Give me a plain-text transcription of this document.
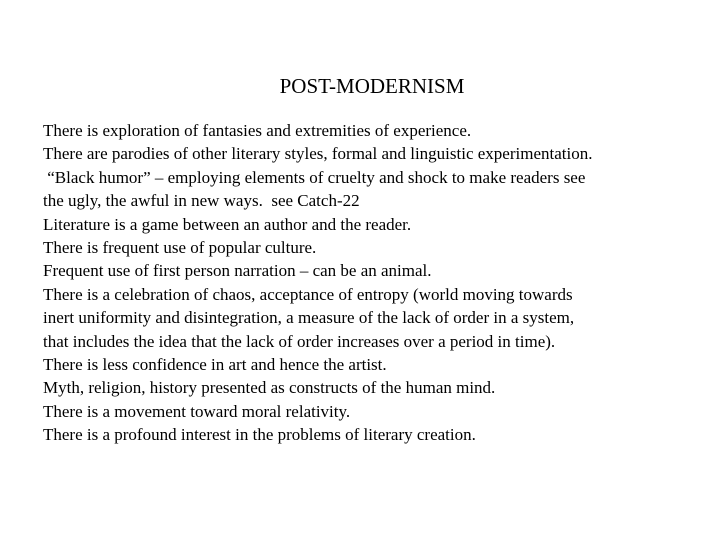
POST-MODERNISM
There is exploration of fantasies and extremities of experience.
There are parodies of other literary styles, formal and linguistic experimentation.
“Black humor” – employing elements of cruelty and shock to make readers see
the ugly, the awful in new ways.  see Catch-22
Literature is a game between an author and the reader.
There is frequent use of popular culture.
Frequent use of first person narration – can be an animal.
There is a celebration of chaos, acceptance of entropy (world moving towards
inert uniformity and disintegration, a measure of the lack of order in a system,
that includes the idea that the lack of order increases over a period in time).
There is less confidence in art and hence the artist.
Myth, religion, history presented as constructs of the human mind.
There is a movement toward moral relativity.
There is a profound interest in the problems of literary creation.
